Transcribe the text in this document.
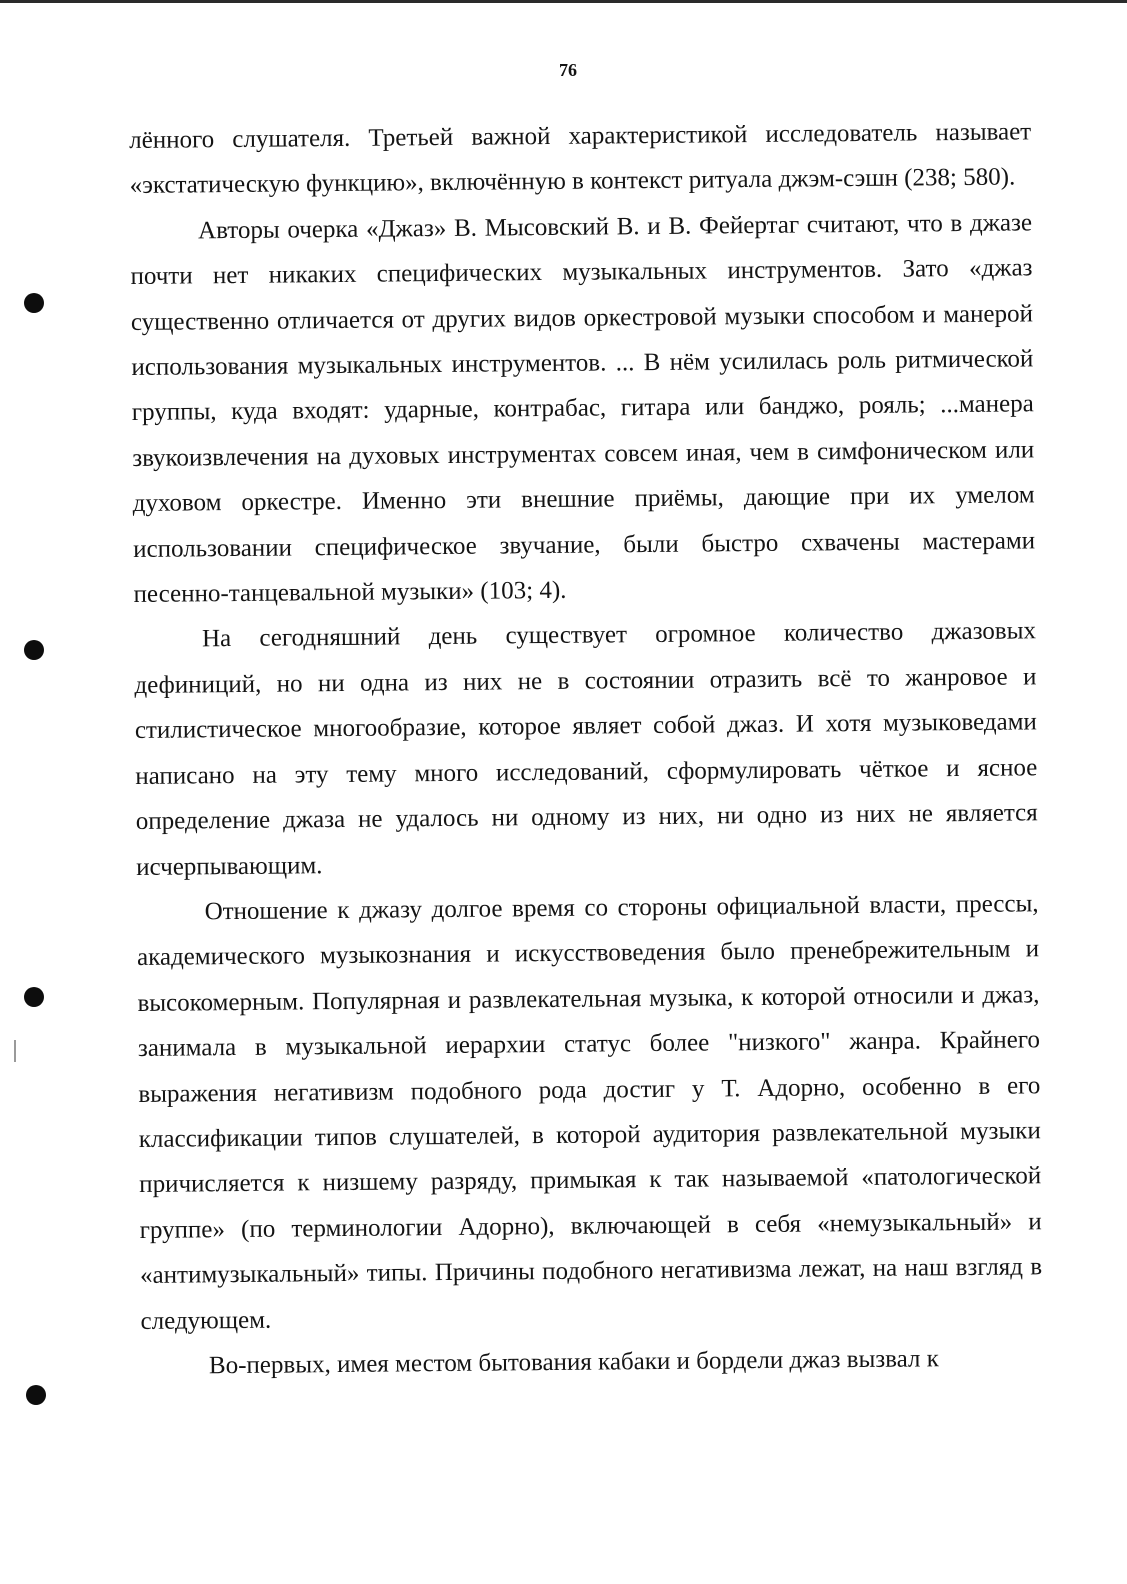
76

лённого слушателя. Третьей важной характеристикой исследователь называет «экстатическую функцию», включённую в контекст ритуала джэм-сэшн (238; 580).

Авторы очерка «Джаз» В. Мысовский В. и В. Фейертаг считают, что в джазе почти нет никаких специфических музыкальных инструментов. Зато «джаз существенно отличается от других видов оркестровой музыки способом и манерой использования музыкальных инструментов. ... В нём усилилась роль ритмической группы, куда входят: ударные, контрабас, гитара или банджо, рояль; ...манера звукоизвлечения на духовых инструментах совсем иная, чем в симфоническом или духовом оркестре. Именно эти внешние приёмы, дающие при их умелом использовании специфическое звучание, были быстро схвачены мастерами песенно-танцевальной музыки» (103; 4).

На сегодняшний день существует огромное количество джазовых дефиниций, но ни одна из них не в состоянии отразить всё то жанровое и стилистическое многообразие, которое являет собой джаз. И хотя музыковедами написано на эту тему много исследований, сформулировать чёткое и ясное определение джаза не удалось ни одному из них, ни одно из них не является исчерпывающим.

Отношение к джазу долгое время со стороны официальной власти, прессы, академического музыкознания и искусствоведения было пренебрежительным и высокомерным. Популярная и развлекательная музыка, к которой относили и джаз, занимала в музыкальной иерархии статус более "низкого" жанра. Крайнего выражения негативизм подобного рода достиг у Т. Адорно, особенно в его классификации типов слушателей, в которой аудитория развлекательной музыки причисляется к низшему разряду, примыкая к так называемой «патологической группе» (по терминологии Адорно), включающей в себя «немузыкальный» и «антимузыкальный» типы. Причины подобного негативизма лежат, на наш взгляд в следующем.

Во-первых, имея местом бытования кабаки и бордели джаз вызвал к
